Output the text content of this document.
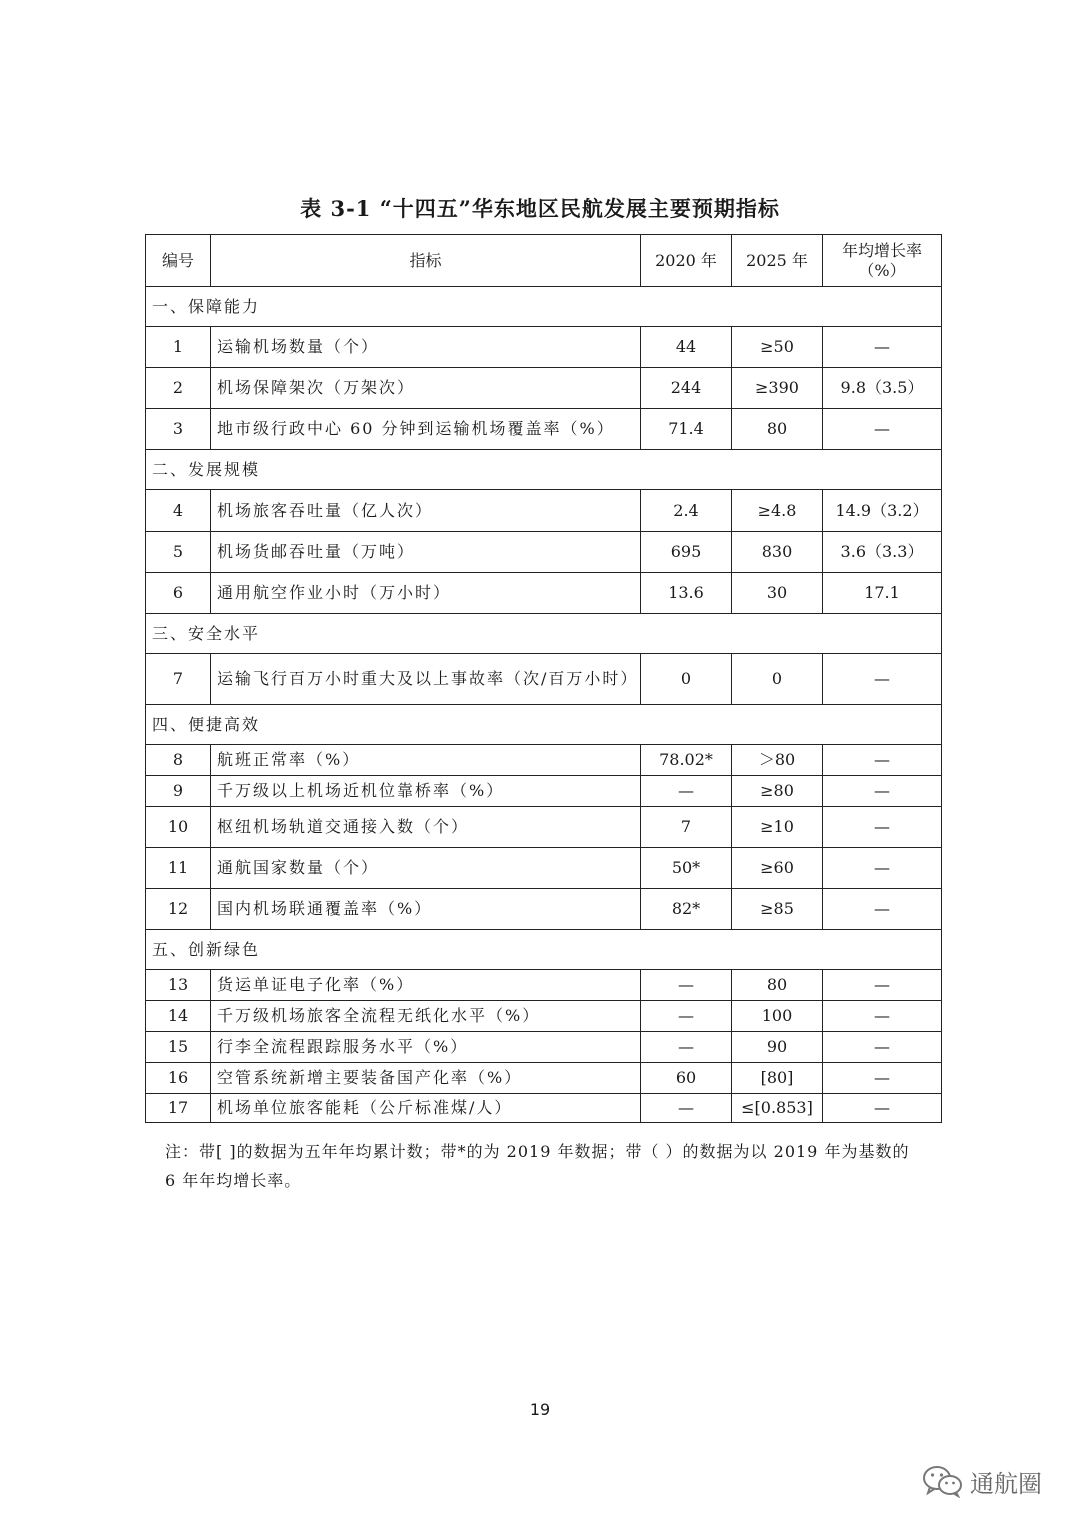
表 3-1 “十四五”华东地区民航发展主要预期指标
编号	指标	2020 年	2025 年	年均增长率（%）
一、保障能力				
1	运输机场数量（个）	44	≥50	—
2	机场保障架次（万架次）	244	≥390	9.8（3.5）
3	地市级行政中心 60 分钟到运输机场覆盖率（%）	71.4	80	—
二、发展规模				
4	机场旅客吞吐量（亿人次）	2.4	≥4.8	14.9（3.2）
5	机场货邮吞吐量（万吨）	695	830	3.6（3.3）
6	通用航空作业小时（万小时）	13.6	30	17.1
三、安全水平				
7	运输飞行百万小时重大及以上事故率（次/百万小时）	0	0	—
四、便捷高效				
8	航班正常率（%）	78.02*	＞80	—
9	千万级以上机场近机位靠桥率（%）	—	≥80	—
10	枢纽机场轨道交通接入数（个）	7	≥10	—
11	通航国家数量（个）	50*	≥60	—
12	国内机场联通覆盖率（%）	82*	≥85	—
五、创新绿色				
13	货运单证电子化率（%）	—	80	—
14	千万级机场旅客全流程无纸化水平（%）	—	100	—
15	行李全流程跟踪服务水平（%）	—	90	—
16	空管系统新增主要装备国产化率（%）	60	[80]	—
17	机场单位旅客能耗（公斤标准煤/人）	—	≤[0.853]	—
注：带[ ]的数据为五年年均累计数；带*的为 2019 年数据；带（ ）的数据为以 2019 年为基数的 6 年年均增长率。
19
通航圈
